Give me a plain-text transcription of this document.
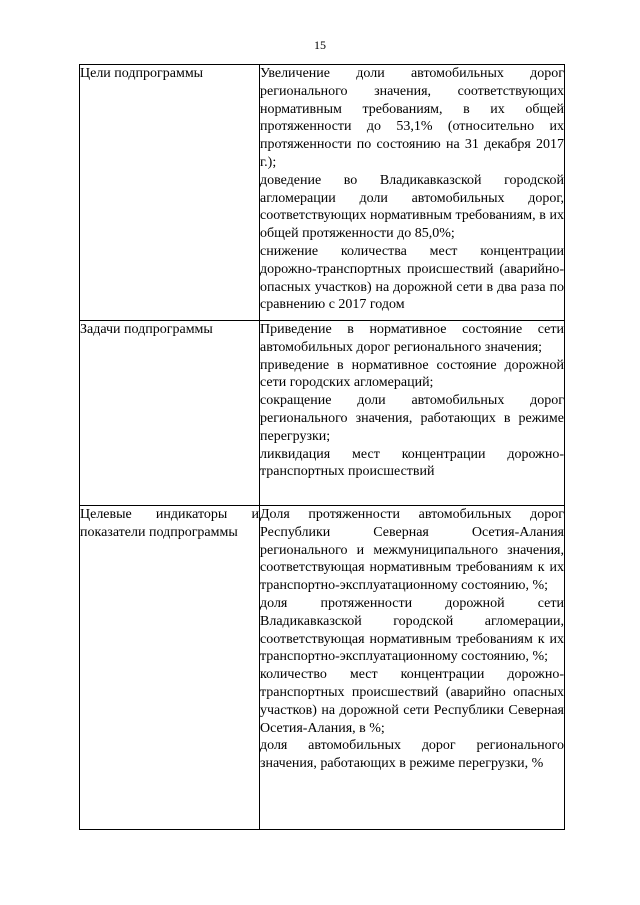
15
Цели подпрограммы	Увеличение доли автомобильных дорог регионального значения, соответствующих нормативным требованиям, в их общей протяженности до 53,1% (относительно их протяженности по состоянию на 31 декабря 2017 г.);
доведение во Владикавказской городской агломерации доли автомобильных дорог, соответствующих нормативным требованиям, в их общей протяженности до 85,0%;
снижение количества мест концентрации дорожно-транспортных происшествий (аварийно-опасных участков) на дорожной сети в два раза по сравнению с 2017 годом

Задачи подпрограммы	Приведение в нормативное состояние сети автомобильных дорог регионального значения;
приведение в нормативное состояние дорожной сети городских агломераций;
сокращение доли автомобильных дорог регионального значения, работающих в режиме перегрузки;
ликвидация мест концентрации дорожно-транспортных происшествий

Целевые индикаторы и показатели подпрограммы	Доля протяженности автомобильных дорог Республики Северная Осетия-Алания регионального и межмуниципального значения, соответствующая нормативным требованиям к их транспортно-эксплуатационному состоянию, %;
доля протяженности дорожной сети Владикавказской городской агломерации, соответствующая нормативным требованиям к их транспортно-эксплуатационному состоянию, %;
количество мест концентрации дорожно-транспортных происшествий (аварийно опасных участков) на дорожной сети Республики Северная Осетия-Алания, в %;
доля автомобильных дорог регионального значения, работающих в режиме перегрузки, %
